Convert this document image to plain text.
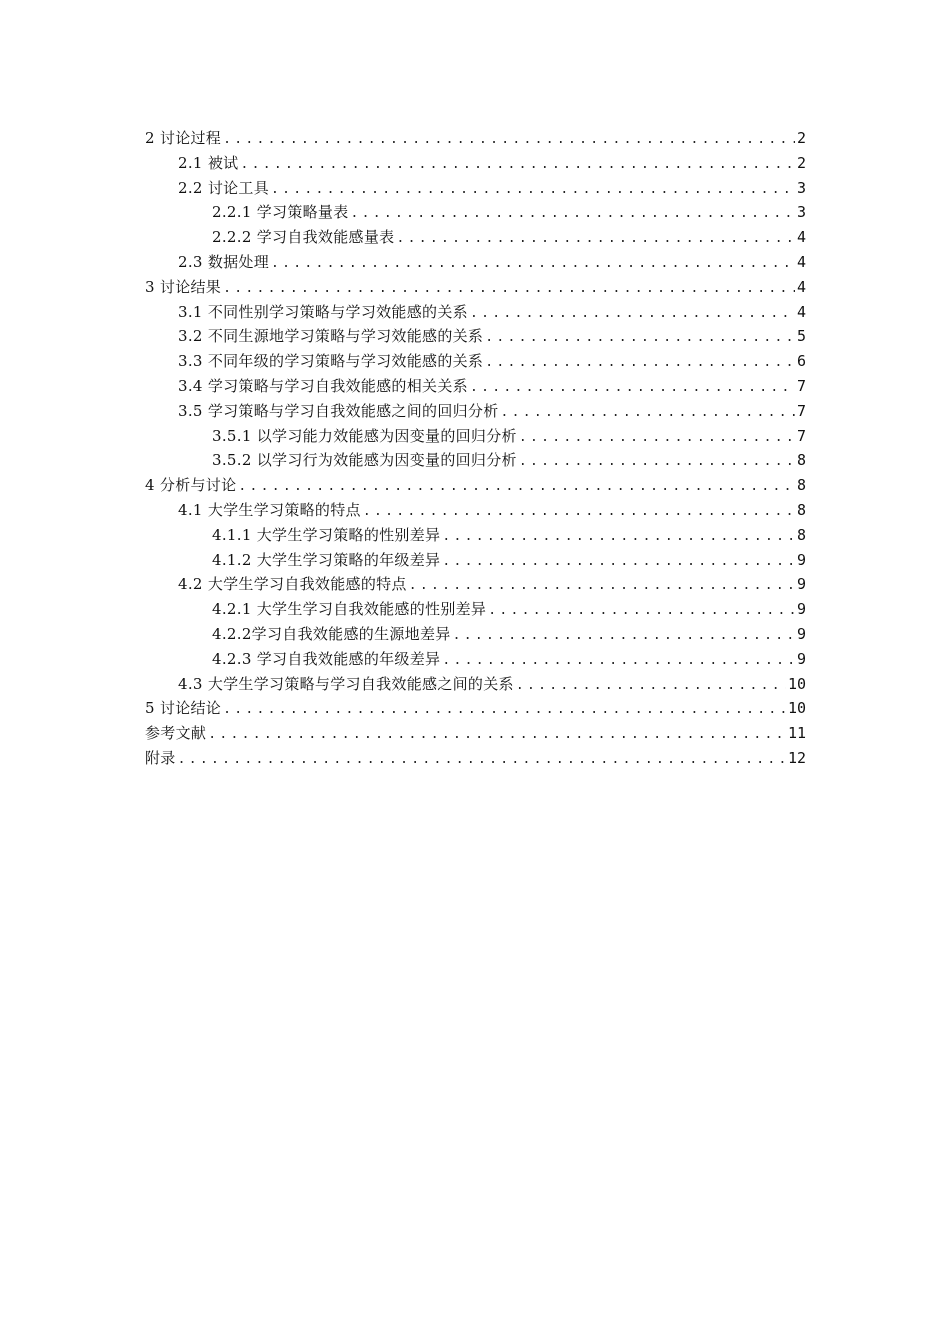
2 讨论过程 .....	2
2.1 被试 .....	2
2.2 讨论工具 .....	3
2.2.1 学习策略量表 .....	3
2.2.2 学习自我效能感量表 .....	4
2.3 数据处理 .....	4
3 讨论结果 .....	4
3.1 不同性别学习策略与学习效能感的关系 .....	4
3.2 不同生源地学习策略与学习效能感的关系 .....	5
3.3 不同年级的学习策略与学习效能感的关系 .....	6
3.4 学习策略与学习自我效能感的相关关系 .....	7
3.5 学习策略与学习自我效能感之间的回归分析 .....	7
3.5.1 以学习能力效能感为因变量的回归分析 .....	7
3.5.2 以学习行为效能感为因变量的回归分析 .....	8
4 分析与讨论 .....	8
4.1 大学生学习策略的特点 .....	8
4.1.1 大学生学习策略的性别差异 .....	8
4.1.2 大学生学习策略的年级差异 .....	9
4.2 大学生学习自我效能感的特点 .....	9
4.2.1 大学生学习自我效能感的性别差异 .....	9
4.2.2学习自我效能感的生源地差异 .....	9
4.2.3 学习自我效能感的年级差异 .....	9
4.3 大学生学习策略与学习自我效能感之间的关系 .....	10
5 讨论结论 .....	10
参考文献 .....	11
附录 .....	12
